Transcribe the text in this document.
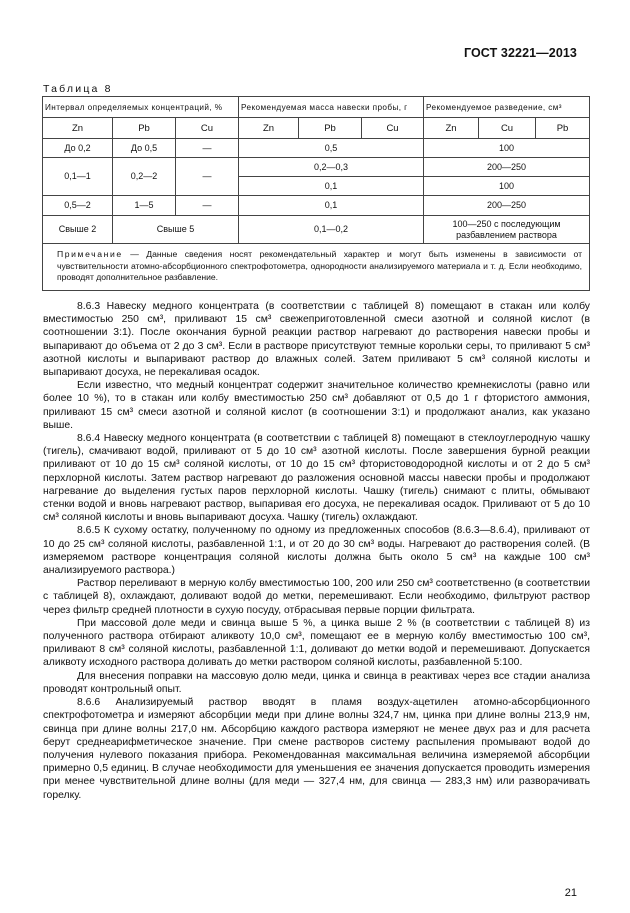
ГОСТ 32221—2013
Таблица 8
Интервал определяемых концентраций, %			Рекомендуемая масса навески пробы, г			Рекомендуемое разведение, см³		
Zn	Pb	Cu	Zn	Pb	Cu	Zn	Cu	Pb
До 0,2	До 0,5	—	0,5			100		
0,1—1	0,2—2	—	0,2—0,3			200—250		
			0,1			100		
0,5—2	1—5	—	0,1			200—250		
Свыше 2	Свыше 5		0,1—0,2			100—250 с последующим разбавлением раствора		
Примечание — Данные сведения носят рекомендательный характер и могут быть изменены в зависимости от чувствительности атомно-абсорбционного спектрофотометра, однородности анализируемого материала и т. д. Если необходимо, проводят дополнительное разбавление.								

8.6.3 Навеску медного концентрата (в соответствии с таблицей 8) помещают в стакан или колбу вместимостью 250 см³, приливают 15 см³ свежеприготовленной смеси азотной и соляной кислот (в соотношении 3:1). После окончания бурной реакции раствор нагревают до растворения навески пробы и выпаривают до объема от 2 до 3 см³. Если в растворе присутствуют темные корольки серы, то приливают 5 см³ азотной кислоты и выпаривают раствор до влажных солей. Затем приливают 5 см³ соляной кислоты и выпаривают досуха, не перекаливая осадок.

Если известно, что медный концентрат содержит значительное количество кремнекислоты (равно или более 10 %), то в стакан или колбу вместимостью 250 см³ добавляют от 0,5 до 1 г фтористого аммония, приливают 15 см³ смеси азотной и соляной кислот (в соотношении 3:1) и продолжают анализ, как указано выше.

8.6.4 Навеску медного концентрата (в соответствии с таблицей 8) помещают в стеклоуглеродную чашку (тигель), смачивают водой, приливают от 5 до 10 см³ азотной кислоты. После завершения бурной реакции приливают от 10 до 15 см³ соляной кислоты, от 10 до 15 см³ фтористоводородной кислоты и от 2 до 5 см³ перхлорной кислоты. Затем раствор нагревают до разложения основной массы навески пробы и продолжают нагревание до выделения густых паров перхлорной кислоты. Чашку (тигель) снимают с плиты, обмывают стенки водой и вновь нагревают раствор, выпаривая его досуха, не перекаливая осадок. Приливают от 5 до 10 см³ соляной кислоты и вновь выпаривают досуха. Чашку (тигель) охлаждают.

8.6.5 К сухому остатку, полученному по одному из предложенных способов (8.6.3—8.6.4), приливают от 10 до 25 см³ соляной кислоты, разбавленной 1:1, и от 20 до 30 см³ воды. Нагревают до растворения солей. (В измеряемом растворе концентрация соляной кислоты должна быть около 5 см³ на каждые 100 см³ анализируемого раствора.)

Раствор переливают в мерную колбу вместимостью 100, 200 или 250 см³ соответственно (в соответствии с таблицей 8), охлаждают, доливают водой до метки, перемешивают. Если необходимо, фильтруют раствор через фильтр средней плотности в сухую посуду, отбрасывая первые порции фильтрата.

При массовой доле меди и свинца выше 5 %, а цинка выше 2 % (в соответствии с таблицей 8) из полученного раствора отбирают аликвоту 10,0 см³, помещают ее в мерную колбу вместимостью 100 см³, приливают 8 см³ соляной кислоты, разбавленной 1:1, доливают до метки водой и перемешивают. Допускается аликвоту исходного раствора доливать до метки раствором соляной кислоты, разбавленной 5:100.

Для внесения поправки на массовую долю меди, цинка и свинца в реактивах через все стадии анализа проводят контрольный опыт.

8.6.6 Анализируемый раствор вводят в пламя воздух-ацетилен атомно-абсорбционного спектрофотометра и измеряют абсорбции меди при длине волны 324,7 нм, цинка при длине волны 213,9 нм, свинца при длине волны 217,0 нм. Абсорбцию каждого раствора измеряют не менее двух раз и для расчета берут среднеарифметическое значение. При смене растворов систему распыления промывают водой до получения нулевого показания прибора. Рекомендованная максимальная величина измеряемой абсорбции примерно 0,5 единиц. В случае необходимости для уменьшения ее значения допускается проводить измерения при менее чувствительной длине волны (для меди — 327,4 нм, для свинца — 283,3 нм) или разворачивать горелку.

21
